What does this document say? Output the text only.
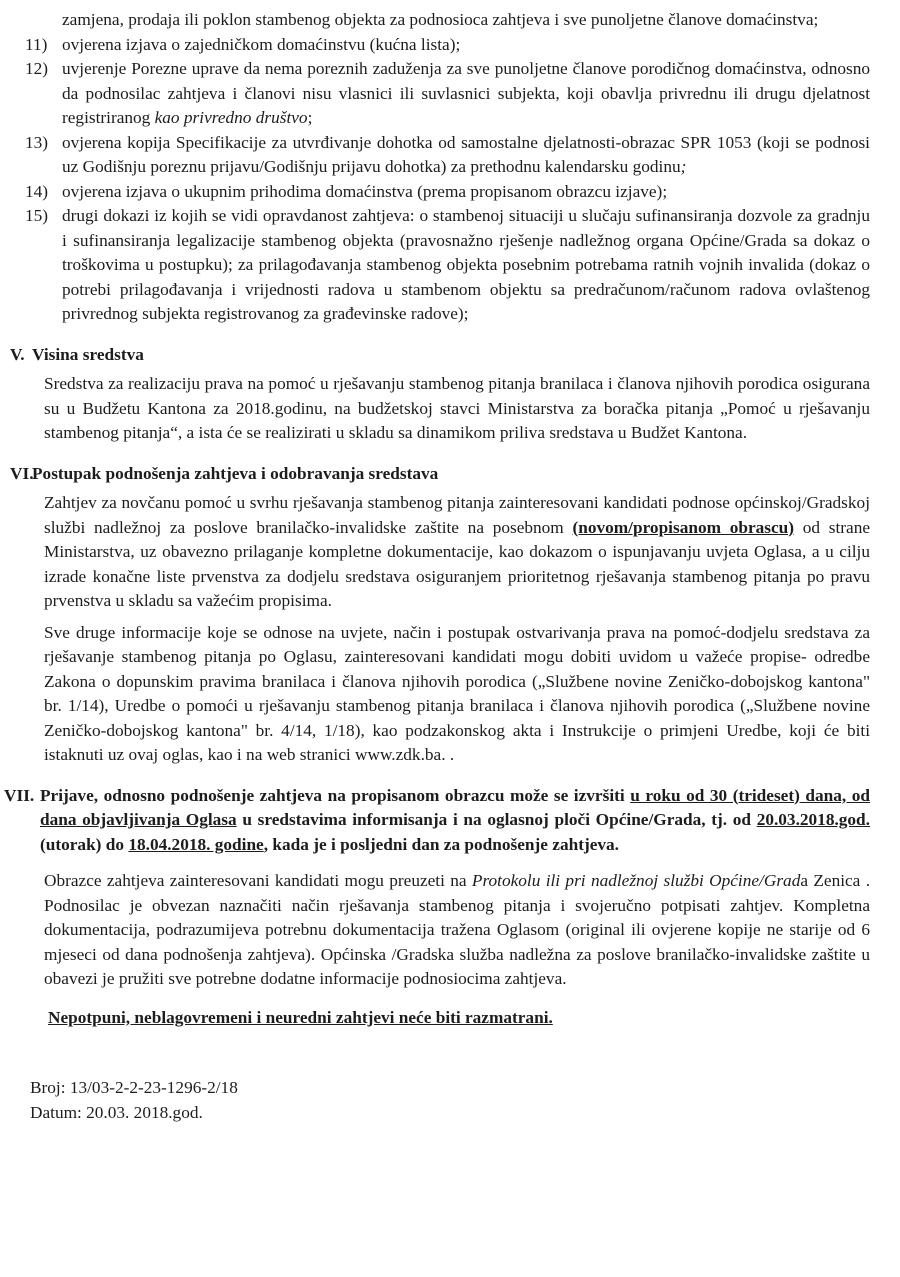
zamjena, prodaja ili poklon stambenog objekta za podnosioca zahtjeva i sve punoljetne članove domaćinstva;
11) ovjerena izjava o zajedničkom domaćinstvu (kućna lista);
12) uvjerenje Porezne uprave da nema poreznih zaduženja za sve punoljetne članove porodičnog domaćinstva, odnosno da podnosilac zahtjeva i članovi nisu vlasnici ili suvlasnici subjekta, koji obavlja privrednu ili drugu djelatnost registriranog kao privredno društvo;
13) ovjerena kopija Specifikacije za utvrđivanje dohotka od samostalne djelatnosti-obrazac SPR 1053 (koji se podnosi uz Godišnju poreznu prijavu/Godišnju prijavu dohotka) za prethodnu kalendarsku godinu;
14) ovjerena izjava o ukupnim prihodima domaćinstva (prema propisanom obrazcu izjave);
15) drugi dokazi iz kojih se vidi opravdanost zahtjeva: o stambenoj situaciji u slučaju sufinansiranja dozvole za gradnju i sufinansiranja legalizacije stambenog objekta (pravosnažno rješenje nadležnog organa Općine/Grada sa dokaz o troškovima u postupku); za prilagođavanja stambenog objekta posebnim potrebama ratnih vojnih invalida (dokaz o potrebi prilagođavanja i vrijednosti radova u stambenom objektu sa predračunom/računom radova ovlaštenog privrednog subjekta registrovanog za građevinske radove);
V. Visina sredstva
Sredstva za realizaciju prava na pomoć u rješavanju stambenog pitanja branilaca i članova njihovih porodica osigurana su u Budžetu Kantona za 2018.godinu, na budžetskoj stavci Ministarstva za boračka pitanja „Pomoć u rješavanju stambenog pitanja“, a ista će se realizirati u skladu sa dinamikom priliva sredstava u Budžet Kantona.
VI.
Postupak podnošenja zahtjeva i odobravanja sredstava
Zahtjev za novčanu pomoć u svrhu rješavanja stambenog pitanja zainteresovani kandidati podnose općinskoj/Gradskoj službi nadležnoj za poslove branilačko-invalidske zaštite na posebnom (novom/propisanom obrascu) od strane Ministarstva, uz obavezno prilaganje kompletne dokumentacije, kao dokazom o ispunjavanju uvjeta Oglasa, a u cilju izrade konačne liste prvenstva za dodjelu sredstava osiguranjem prioritetnog rješavanja stambenog pitanja po pravu prvenstva u skladu sa važećim propisima.
Sve druge informacije koje se odnose na uvjete, način i postupak ostvarivanja prava na pomoć-dodjelu sredstava za rješavanje stambenog pitanja po Oglasu, zainteresovani kandidati mogu dobiti uvidom u važeće propise- odredbe Zakona o dopunskim pravima branilaca i članova njihovih porodica („Službene novine Zeničko-dobojskog kantona" br. 1/14), Uredbe o pomoći u rješavanju stambenog pitanja branilaca i članova njihovih porodica („Službene novine Zeničko-dobojskog kantona" br. 4/14, 1/18), kao podzakonskog akta i Instrukcije o primjeni Uredbe, koji će biti istaknuti uz ovaj oglas, kao i na web stranici www.zdk.ba. .
VII. Prijave, odnosno podnošenje zahtjeva na propisanom obrazcu može se izvršiti u roku od 30 (trideset) dana, od dana objavljivanja Oglasa u sredstavima informisanja i na oglasnoj ploči Općine/Grada, tj. od 20.03.2018.god.(utorak) do 18.04.2018. godine, kada je i posljedni dan za podnošenje zahtjeva.
Obrazce zahtjeva zainteresovani kandidati mogu preuzeti na Protokolu ili pri nadležnoj službi Općine/Grada Zenica . Podnosilac je obvezan naznačiti način rješavanja stambenog pitanja i svojeručno potpisati zahtjev. Kompletna dokumentacija, podrazumijeva potrebnu dokumentacija tražena Oglasom (original ili ovjerene kopije ne starije od 6 mjeseci od dana podnošenja zahtjeva). Općinska /Gradska služba nadležna za poslove branilačko-invalidske zaštite u obavezi je pružiti sve potrebne dodatne informacije podnosiocima zahtjeva.
Nepotpuni, neblagovremeni i neuredni zahtjevi neće biti razmatrani.
Broj: 13/03-2-2-23-1296-2/18
Datum: 20.03. 2018.god.
